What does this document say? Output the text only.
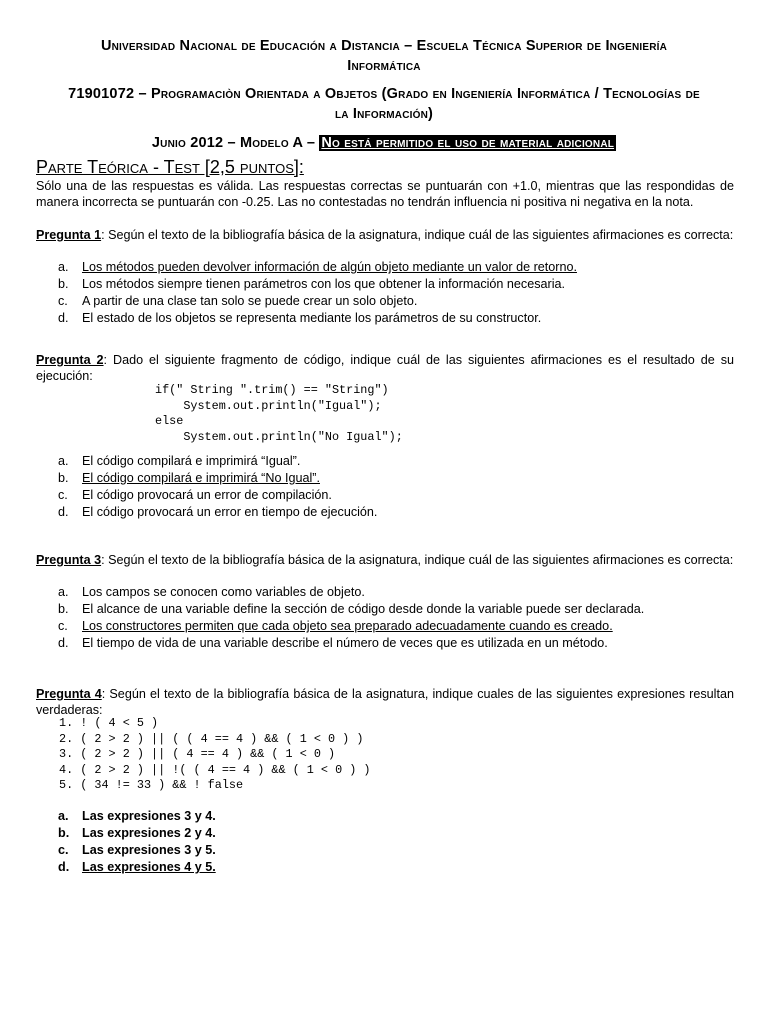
Universidad Nacional de Educación a Distancia – Escuela Técnica Superior de Ingeniería
Informática
71901072 – Programaciòn Orientada a Objetos (Grado en Ingeniería Informática / Tecnologías de
la Información)
Junio 2012 – Modelo A – No está permitido el uso de material adicional
Parte Teórica - Test [2,5 puntos]:
Sólo una de las respuestas es válida. Las respuestas correctas se puntuarán con +1.0, mientras que las respondidas de manera incorrecta se puntuarán con -0.25. Las no contestadas no tendrán influencia ni positiva ni negativa en la nota.
Pregunta 1: Según el texto de la bibliografía básica de la asignatura, indique cuál de las siguientes afirmaciones es correcta:
a. Los métodos pueden devolver información de algún objeto mediante un valor de retorno.
b. Los métodos siempre tienen parámetros con los que obtener la información necesaria.
c. A partir de una clase tan solo se puede crear un solo objeto.
d. El estado de los objetos se representa mediante los parámetros de su constructor.
Pregunta 2: Dado el siguiente fragmento de código, indique cuál de las siguientes afirmaciones es el resultado de su ejecución:
if(" String ".trim() == "String")
System.out.println("Igual");
else
System.out.println("No Igual");
a. El código compilará e imprimirá “Igual”.
b. El código compilará e imprimirá “No Igual”.
c. El código provocará un error de compilación.
d. El código provocará un error en tiempo de ejecución.
Pregunta 3: Según el texto de la bibliografía básica de la asignatura, indique cuál de las siguientes afirmaciones es correcta:
a. Los campos se conocen como variables de objeto.
b. El alcance de una variable define la sección de código desde donde la variable puede ser declarada.
c. Los constructores permiten que cada objeto sea preparado adecuadamente cuando es creado.
d. El tiempo de vida de una variable describe el número de veces que es utilizada en un método.
Pregunta 4: Según el texto de la bibliografía básica de la asignatura, indique cuales de las siguientes expresiones resultan verdaderas:
1. ! ( 4 < 5 )
2. ( 2 > 2 ) || ( ( 4 == 4 ) && ( 1 < 0 ) )
3. ( 2 > 2 ) || ( 4 == 4 ) && ( 1 < 0 )
4. ( 2 > 2 ) || !( ( 4 == 4 ) && ( 1 < 0 ) )
5. ( 34 != 33 ) && ! false
a. Las expresiones 3 y 4.
b. Las expresiones 2 y 4.
c. Las expresiones 3 y 5.
d. Las expresiones 4 y 5.
